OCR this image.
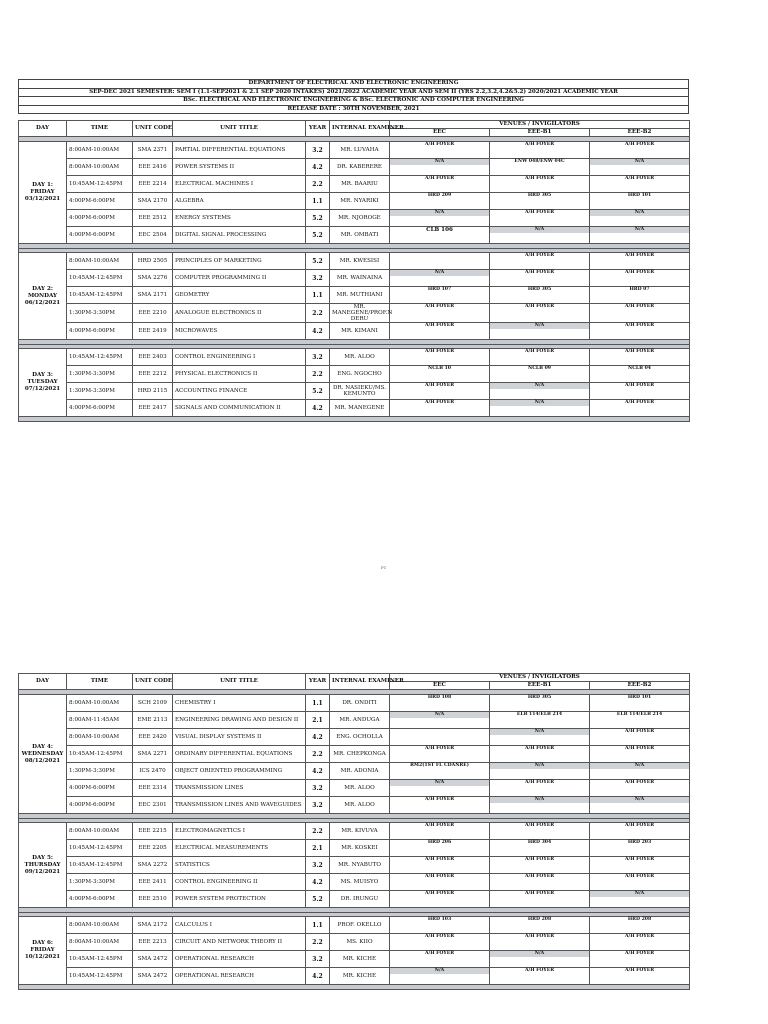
DEPARTMENT OF ELECTRICAL AND ELECTRONIC ENGINEERING
SEP-DEC 2021 SEMESTER: SEM I (1.1-SEP2021 & 2.1 SEP 2020 INTAKES) 2021/2022 ACADEMIC YEAR AND SEM II (YRS 2.2,3.2,4.2&5.2) 2020/2021 ACADEMIC YEAR
BSc. ELECTRICAL AND ELECTRONIC ENGINEERING & BSc. ELECTRONIC AND COMPUTER ENGINEERING
RELEASE DATE : 30TH NOVEMBER, 2021
DAY	TIME	UNIT CODE	UNIT TITLE	YEAR	INTERNAL EXAMINER	VENUES / INVIGILATORS		
						EEC	EEE-B1	EEE-B2

DAY 1: FRIDAY 03/12/2021	8:00AM-10:00AM	SMA 2371	PARTIAL DIFFERENTIAL EQUATIONS	3.2	MR. LUVAHA	A/H FOYER	A/H FOYER	A/H FOYER

	8:00AM-10:00AM	EEE 2416	POWER SYSTEMS II	4.2	DR. KABERERE	N/A	ENW 048/ENW 04C	N/A

	10:45AM-12:45PM	EEE 2214	ELECTRICAL MACHINES I	2.2	MR. BAARIU	A/H FOYER	A/H FOYER	A/H FOYER

	4:00PM-6:00PM	SMA 2170	ALGEBRA	1.1	MR. NYARIKI	HRD 209	HRD 305	HRD 101

	4:00PM-6:00PM	EEE 2512	ENERGY SYSTEMS	5.2	MR. NJOROGE	N/A	A/H FOYER	N/A

	4:00PM-6:00PM	EEC 2504	DIGITAL SIGNAL PROCESSING	5.2	MR. OMBATI	CLB 106	N/A	N/A

DAY 2: MONDAY 06/12/2021	8:00AM-10:00AM	HRD 2505	PRINCIPLES OF MARKETING	5.2	MR. KWESISI		A/H FOYER	A/H FOYER

	10:45AM-12:45PM	SMA 2276	COMPUTER PROGRAMMING II	3.2	MR. WAINAINA	N/A	A/H FOYER	A/H FOYER

	10:45AM-12:45PM	SMA 2171	GEOMETRY	1.1	MR. MUTHIANI	HRD 107	HRD 305	HRD 07

	1:30PM-3:30PM	EEE 2210	ANALOGUE ELECTRONICS II	2.2	MR. MANEGENE/PROF.N DERU	A/H FOYER	A/H FOYER	A/H FOYER

	4:00PM-6:00PM	EEE 2419	MICROWAVES	4.2	MR. KIMANI	A/H FOYER	N/A	A/H FOYER

DAY 3: TUESDAY 07/12/2021	10:45AM-12:45PM	EEE 2403	CONTROL ENGINEERING I	3.2	MR. ALOO	A/H FOYER	A/H FOYER	A/H FOYER

	1:30PM-3:30PM	EEE 2212	PHYSICAL ELECTRONICS II	2.2	ENG. NGOCHO	NCLB 10	NCLB 09	NCLB 04

	1:30PM-3:30PM	HRD 2115	ACCOUNTING FINANCE	5.2	DR. NASIEKU/MS. KEMUNTO	A/H FOYER	N/A	A/H FOYER

	4:00PM-6:00PM	EEE 2417	SIGNALS AND COMMUNICATION II	4.2	MR. MANEGENE	A/H FOYER	N/A	A/H FOYER

P1
DAY	TIME	UNIT CODE	UNIT TITLE	YEAR	INTERNAL EXAMINER	VENUES / INVIGILATORS		
						EEC	EEE-B1	EEE-B2

DAY 4: WEDNESDAY 08/12/2021	8:00AM-10:00AM	SCH 2109	CHEMISTRY I	1.1	DR. ONDITI	HRD 108	HRD 305	HRD 101

	8:00AM-11:45AM	EME 2113	ENGINEERING DRAWING AND DESIGN II	2.1	MR. ANDUGA	N/A	ELB 114/ELB 214	ELB 114/ELB 214

	8:00AM-10:00AM	EEE 2420	VISUAL DISPLAY SYSTEMS II	4.2	ENG. OCHOLLA		N/A	A/H FOYER

	10:45AM-12:45PM	SMA 2271	ORDINARY DIFFERENTIAL EQUATIONS	2.2	MR. CHEPKONGA	A/H FOYER	A/H FOYER	A/H FOYER

	1:30PM-3:30PM	ICS 2470	OBJECT ORIENTED PROGRAMMING	4.2	MR. ADONIA	RM2(1ST FL CDANRE)	N/A	N/A

	4:00PM-6:00PM	EEE 2314	TRANSMISSION LINES	3.2	MR. ALOO	N/A	A/H FOYER	A/H FOYER

	4:00PM-6:00PM	EEC 2301	TRANSMISSION LINES AND WAVEGUIDES	3.2	MR. ALOO	A/H FOYER	N/A	N/A

DAY 5: THURSDAY 09/12/2021	8:00AM-10:00AM	EEE 2215	ELECTROMAGNETICS I	2.2	MR. KIVUVA	A/H FOYER	A/H FOYER	A/H FOYER

	10:45AM-12:45PM	EEE 2205	ELECTRICAL MEASUREMENTS	2.1	MR. KOSKEI	HRD 206	HRD 304	HRD 203

	10:45AM-12:45PM	SMA 2272	STATISTICS	3.2	MR. NYABUTO	A/H FOYER	A/H FOYER	A/H FOYER

	1:30PM-3:30PM	EEE 2411	CONTROL ENGINEERING II	4.2	MS. MUISYO	A/H FOYER	A/H FOYER	A/H FOYER

	4:00PM-6:00PM	EEE 2510	POWER SYSTEM PROTECTION	5.2	DR. IRUNGU	A/H FOYER	A/H FOYER	N/A

DAY 6: FRIDAY 10/12/2021	8:00AM-10:00AM	SMA 2172	CALCULUS I	1.1	PROF. OKELLO	HRD 103	HRD 208	HRD 208

	8:00AM-10:00AM	EEE 2213	CIRCUIT AND NETWORK THEORY II	2.2	MS. KIIO	A/H FOYER	A/H FOYER	A/H FOYER

	10:45AM-12:45PM	SMA 2472	OPERATIONAL RESEARCH	3.2	MR. KICHE	A/H FOYER	N/A	A/H FOYER

	10:45AM-12:45PM	SMA 2472	OPERATIONAL RESEARCH	4.2	MR. KICHE	N/A	A/H FOYER	A/H FOYER
